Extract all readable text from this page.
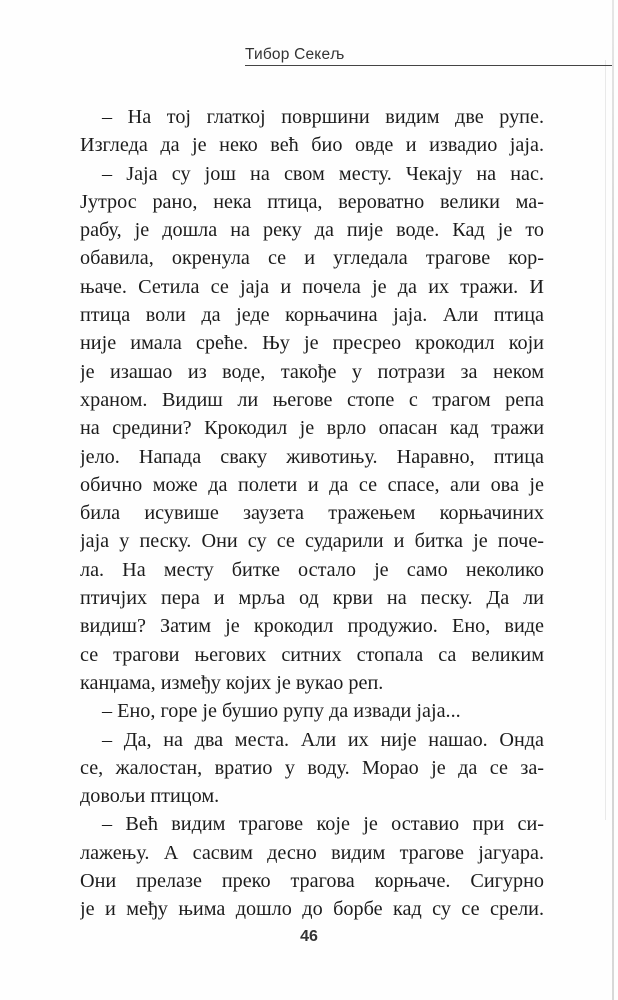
Тибор Секељ
– На тој глаткој површини видим две рупе.
Изгледа да је неко већ био овде и извадио јаја.
– Јаја су још на свом месту. Чекају на нас.
Јутрос рано, нека птица, вероватно велики ма-
рабу, је дошла на реку да пије воде. Кад је то
обавила, окренула се и угледала трагове кор-
њаче. Сетила се јаја и почела је да их тражи. И
птица воли да једе корњачина јаја. Али птица
није имала среће. Њу је пресрео крокодил који
је изашао из воде, такође у потрази за неком
храном. Видиш ли његове стопе с трагом репа
на средини? Крокодил је врло опасан кад тражи
јело. Напада сваку животињу. Наравно, птица
обично може да полети и да се спасе, али ова је
била исувише заузета тражењем корњачиних
јаја у песку. Они су се сударили и битка је поче-
ла. На месту битке остало је само неколико
птичјих пера и мрља од крви на песку. Да ли
видиш? Затим је крокодил продужио. Ено, виде
се трагови његових ситних стопала са великим
канџама, између којих је вукао реп.
– Ено, горе је бушио рупу да извади јаја...
– Да, на два места. Али их није нашао. Онда
се, жалостан, вратио у воду. Морао је да се за-
довољи птицом.
– Већ видим трагове које је оставио при си-
лажењу. А сасвим десно видим трагове јагуара.
Они прелазе преко трагова корњаче. Сигурно
је и међу њима дошло до борбе кад су се срели.
46
